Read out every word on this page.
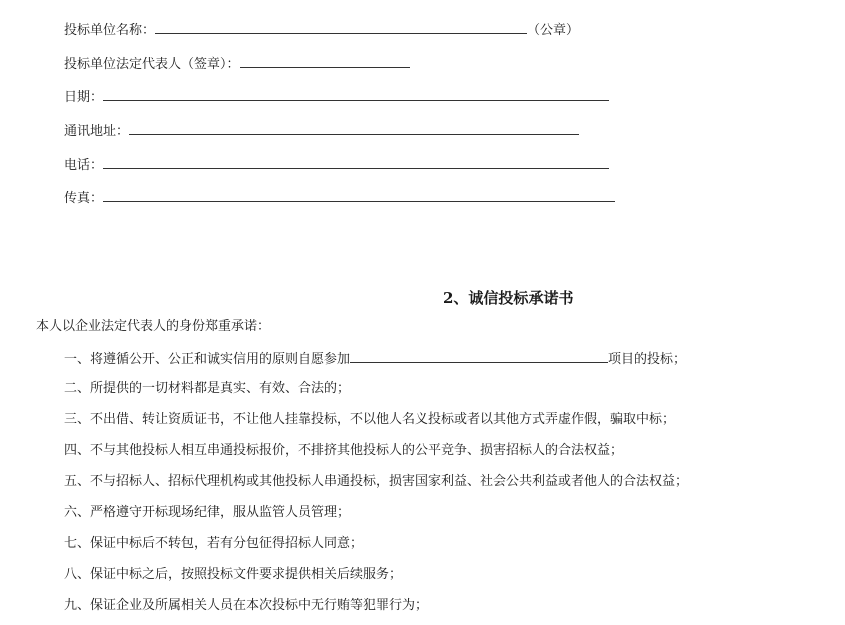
投标单位名称：	（公章）
投标单位法定代表人（签章）：
日期：
通讯地址：
电话：
传真：
2、诚信投标承诺书
本人以企业法定代表人的身份郑重承诺：
一、将遵循公开、公正和诚实信用的原则自愿参加	项目的投标；
二、所提供的一切材料都是真实、有效、合法的；
三、不出借、转让资质证书，不让他人挂靠投标，不以他人名义投标或者以其他方式弄虚作假，骗取中标；
四、不与其他投标人相互串通投标报价，不排挤其他投标人的公平竞争、损害招标人的合法权益；
五、不与招标人、招标代理机构或其他投标人串通投标，损害国家利益、社会公共利益或者他人的合法权益；
六、严格遵守开标现场纪律，服从监管人员管理；
七、保证中标后不转包，若有分包征得招标人同意；
八、保证中标之后，按照投标文件要求提供相关后续服务；
九、保证企业及所属相关人员在本次投标中无行贿等犯罪行为；
